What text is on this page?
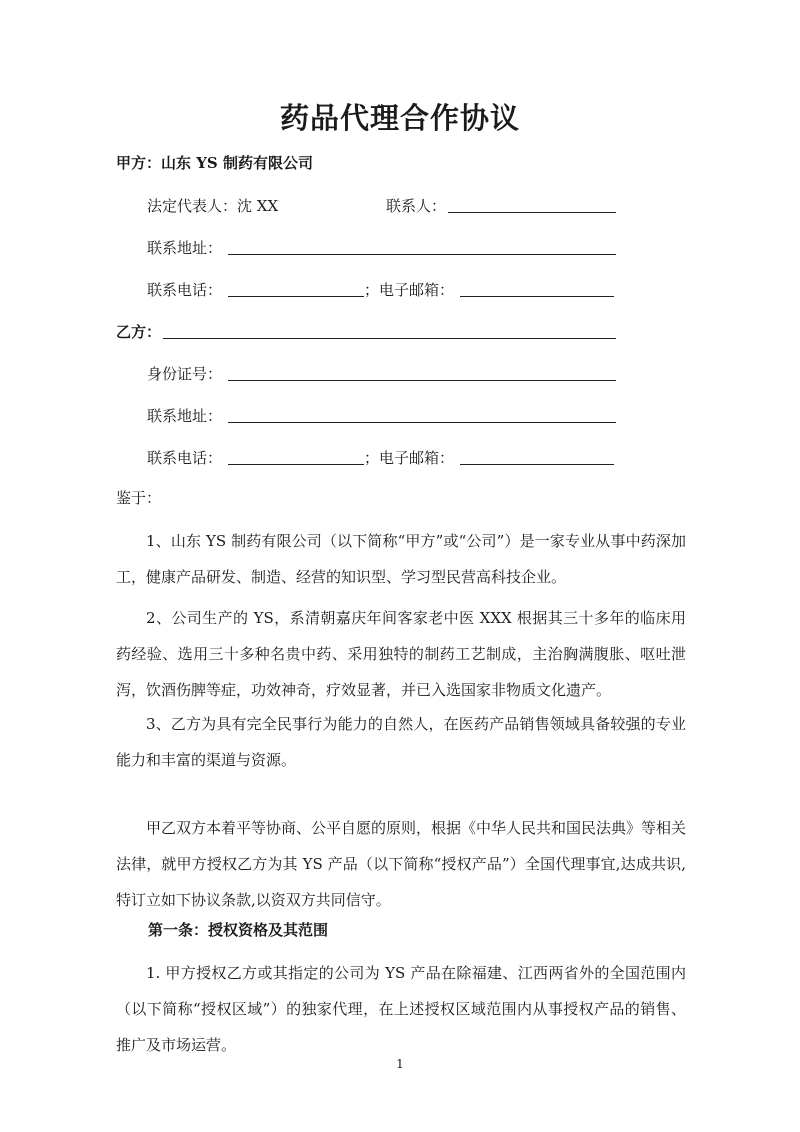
药品代理合作协议
甲方：山东 YS 制药有限公司
法定代表人：沈 XX	联系人：
联系地址：
联系电话：	；电子邮箱：
乙方：
身份证号：
联系地址：
联系电话：	；电子邮箱：
鉴于：
1、山东 YS 制药有限公司（以下简称“甲方”或“公司”）是一家专业从事中药深加工，健康产品研发、制造、经营的知识型、学习型民营高科技企业。
2、公司生产的 YS，系清朝嘉庆年间客家老中医 XXX 根据其三十多年的临床用药经验、选用三十多种名贵中药、采用独特的制药工艺制成，主治胸满腹胀、呕吐泄泻，饮酒伤脾等症，功效神奇，疗效显著，并已入选国家非物质文化遗产。
3、乙方为具有完全民事行为能力的自然人，在医药产品销售领域具备较强的专业能力和丰富的渠道与资源。
甲乙双方本着平等协商、公平自愿的原则，根据《中华人民共和国民法典》等相关法律，就甲方授权乙方为其 YS 产品（以下简称“授权产品”）全国代理事宜,达成共识,特订立如下协议条款,以资双方共同信守。
第一条：授权资格及其范围
1. 甲方授权乙方或其指定的公司为 YS 产品在除福建、江西两省外的全国范围内（以下简称“授权区域”）的独家代理，在上述授权区域范围内从事授权产品的销售、推广及市场运营。
1
